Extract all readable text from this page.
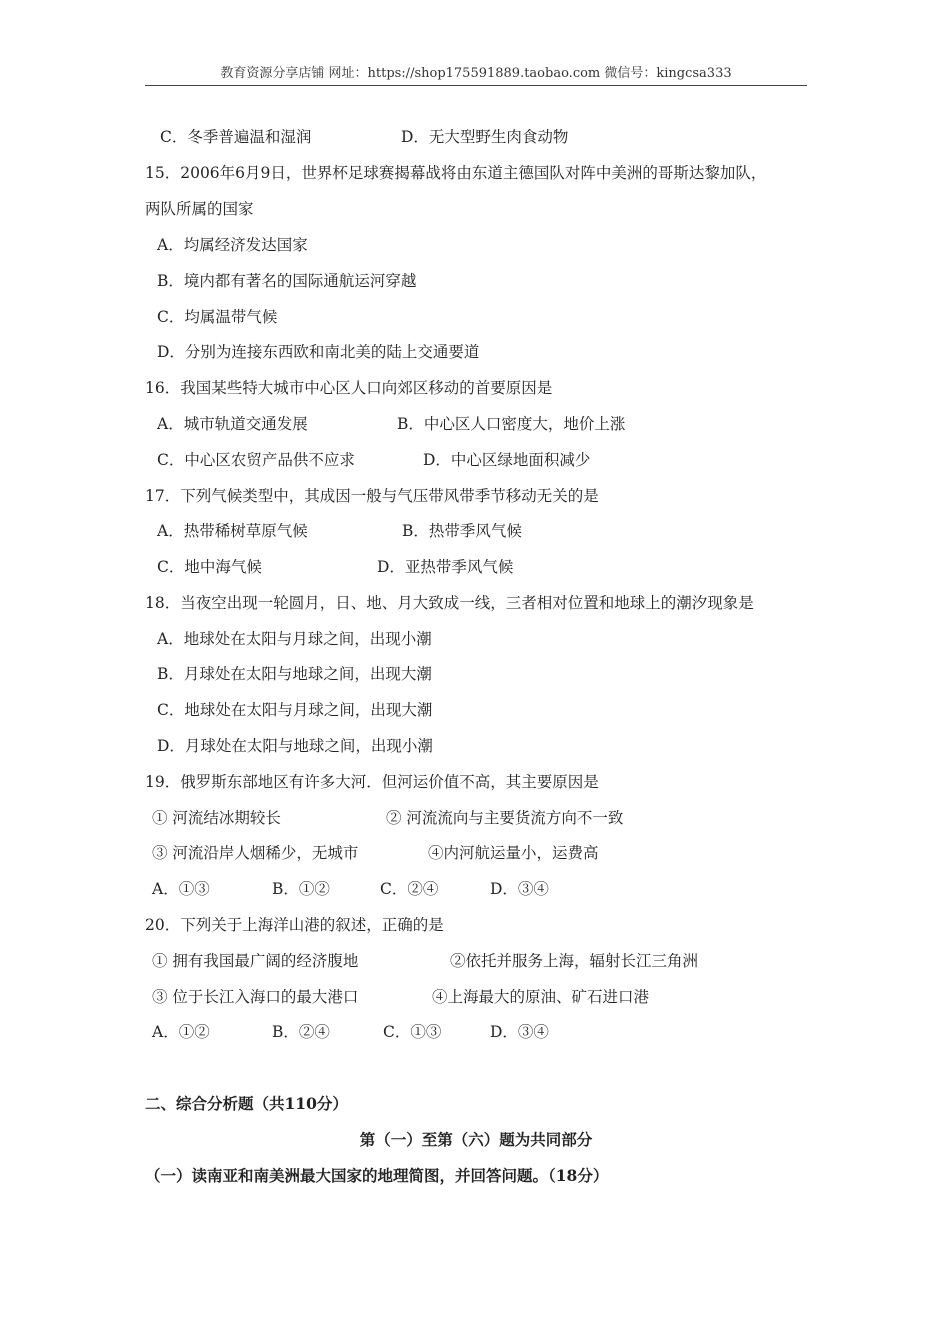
教育资源分享店铺 网址：https://shop175591889.taobao.com 微信号：kingcsa333
C．冬季普遍温和湿润	D．无大型野生肉食动物
15．2006年6月9日，世界杯足球赛揭幕战将由东道主德国队对阵中美洲的哥斯达黎加队，
两队所属的国家
A．均属经济发达国家
B．境内都有著名的国际通航运河穿越
C．均属温带气候
D．分别为连接东西欧和南北美的陆上交通要道
16．我国某些特大城市中心区人口向郊区移动的首要原因是
A．城市轨道交通发展	B．中心区人口密度大，地价上涨
C．中心区农贸产品供不应求	D．中心区绿地面积减少
17．下列气候类型中，其成因一般与气压带风带季节移动无关的是
A．热带稀树草原气候	B．热带季风气候
C．地中海气候	D．亚热带季风气候
18．当夜空出现一轮圆月，日、地、月大致成一线，三者相对位置和地球上的潮汐现象是
A．地球处在太阳与月球之间，出现小潮
B．月球处在太阳与地球之间，出现大潮
C．地球处在太阳与月球之间，出现大潮
D．月球处在太阳与地球之间，出现小潮
19．俄罗斯东部地区有许多大河．但河运价值不高，其主要原因是
① 河流结冰期较长	② 河流流向与主要货流方向不一致
③ 河流沿岸人烟稀少，无城市	④内河航运量小，运费高
A．①③	B．①②	C．②④	D．③④
20．下列关于上海洋山港的叙述，正确的是
① 拥有我国最广阔的经济腹地	②依托并服务上海，辐射长江三角洲
③ 位于长江入海口的最大港口	④上海最大的原油、矿石进口港
A．①②	B．②④	C．①③	D．③④
二、综合分析题（共110分）
第（一）至第（六）题为共同部分
（一）读南亚和南美洲最大国家的地理简图，并回答问题。（18分）
